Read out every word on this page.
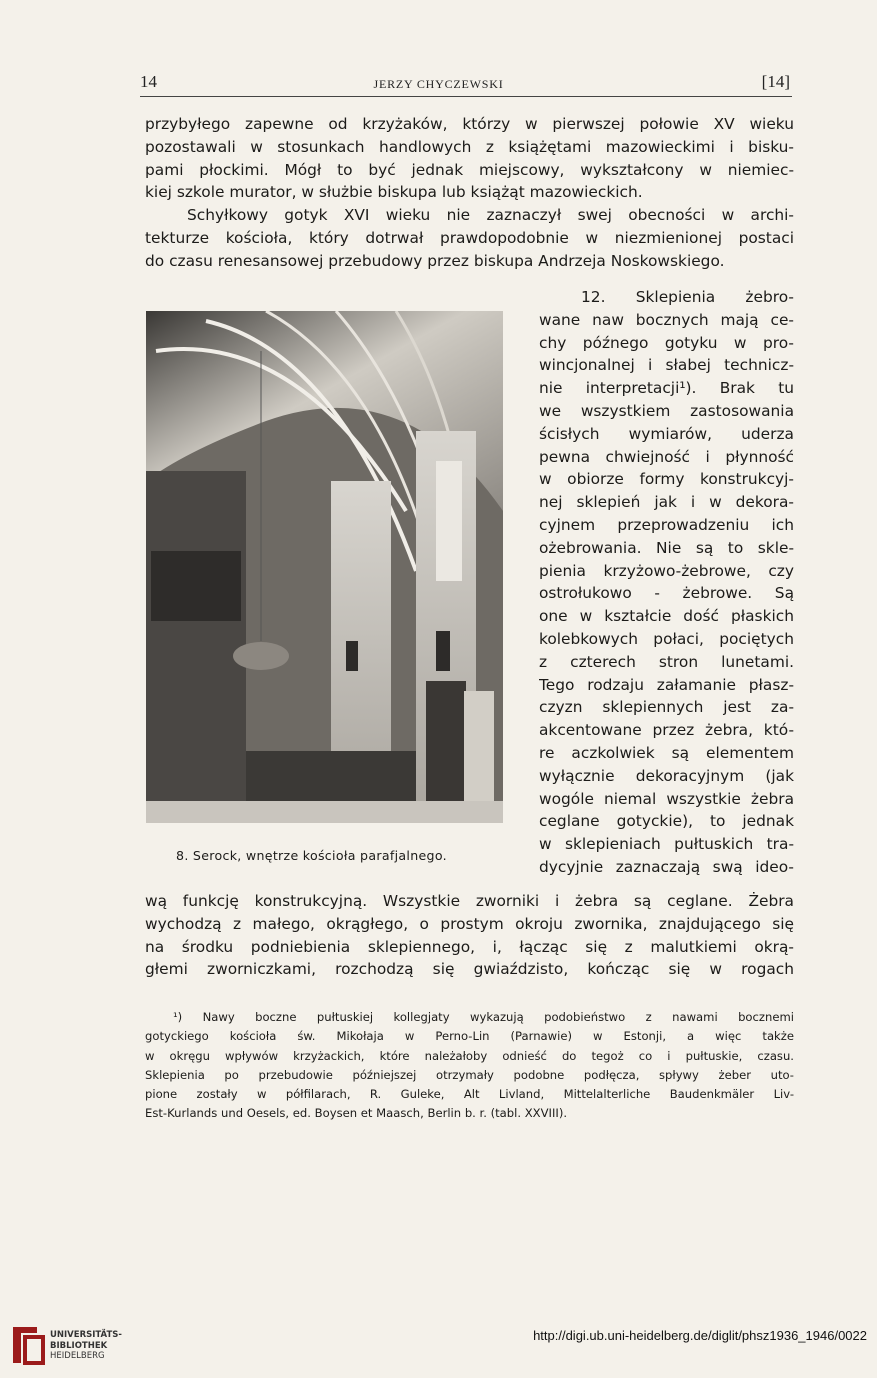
14	JERZY CHYCZEWSKI	[14]
przybyłego zapewne od krzyżaków, którzy w pierwszej połowie XV wieku
pozostawali w stosunkach handlowych z książętami mazowieckimi i bisku-
pami płockimi. Mógł to być jednak miejscowy, wykształcony w niemiec-
kiej szkole murator, w służbie biskupa lub książąt mazowieckich.
Schyłkowy gotyk XVI wieku nie zaznaczył swej obecności w archi-
tekturze kościoła, który dotrwał prawdopodobnie w niezmienionej postaci
do czasu renesansowej przebudowy przez biskupa Andrzeja Noskowskiego.
12. Sklepienia żebro-
wane naw bocznych mają ce-
chy późnego gotyku w pro-
wincjonalnej i słabej technicz-
nie interpretacji¹). Brak tu
we wszystkiem zastosowania
ścisłych wymiarów, uderza
pewna chwiejność i płynność
w obiorze formy konstrukcyj-
nej sklepień jak i w dekora-
cyjnem przeprowadzeniu ich
ożebrowania. Nie są to skle-
pienia krzyżowo-żebrowe, czy
ostrołukowo - żebrowe. Są
one w kształcie dość płaskich
kolebkowych połaci, pociętych
z czterech stron lunetami.
Tego rodzaju załamanie płasz-
czyzn sklepiennych jest za-
akcentowane przez żebra, któ-
re aczkolwiek są elementem
wyłącznie dekoracyjnym (jak
wogóle niemal wszystkie żebra
ceglane gotyckie), to jednak
w sklepieniach pułtuskich tra-
dycyjnie zaznaczają swą ideo-
8. Serock, wnętrze kościoła parafjalnego.
wą funkcję konstrukcyjną. Wszystkie zworniki i żebra są ceglane. Żebra
wychodzą z małego, okrągłego, o prostym okroju zwornika, znajdującego się
na środku podniebienia sklepiennego, i, łącząc się z malutkiemi okrą-
głemi zworniczkami, rozchodzą się gwiaździsto, kończąc się w rogach
¹) Nawy boczne pułtuskiej kollegjaty wykazują podobieństwo z nawami bocznemi
gotyckiego kościoła św. Mikołaja w Perno-Lin (Parnawie) w Estonji, a więc także
w okręgu wpływów krzyżackich, które należałoby odnieść do tegoż co i pułtuskie, czasu.
Sklepienia po przebudowie późniejszej otrzymały podobne podłęcza, spływy żeber uto-
pione zostały w półfilarach, R. Guleke, Alt Livland, Mittelalterliche Baudenkmäler Liv-
Est-Kurlands und Oesels, ed. Boysen et Maasch, Berlin b. r. (tabl. XXVIII).
UNIVERSITÄTS-
BIBLIOTHEK
HEIDELBERG
http://digi.ub.uni-heidelberg.de/diglit/phsz1936_1946/0022
